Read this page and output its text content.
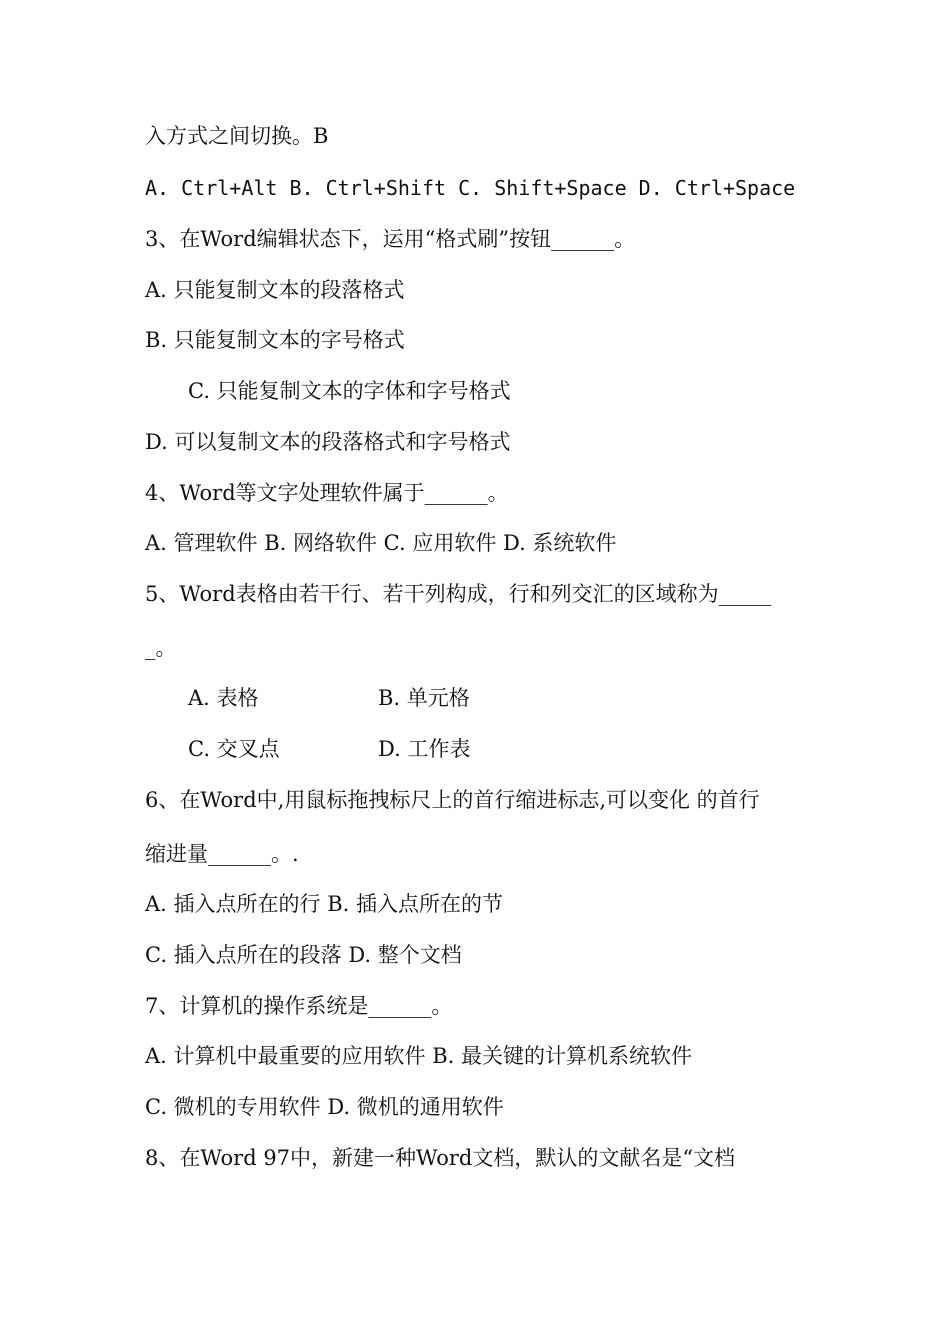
入方式之间切换。B
A. Ctrl+Alt B. Ctrl+Shift C. Shift+Space D. Ctrl+Space
3、在Word编辑状态下，运用“格式刷”按钮______。
A. 只能复制文本的段落格式
B. 只能复制文本的字号格式
C. 只能复制文本的字体和字号格式
D. 可以复制文本的段落格式和字号格式
4、Word等文字处理软件属于______。
A. 管理软件 B. 网络软件 C. 应用软件 D. 系统软件
5、Word表格由若干行、若干列构成，行和列交汇的区域称为_____
_。
A. 表格	B. 单元格
C. 交叉点	D. 工作表
6、在Word中,用鼠标拖拽标尺上的首行缩进标志,可以变化 的首行
缩进量______。.
A. 插入点所在的行 B. 插入点所在的节
C. 插入点所在的段落 D. 整个文档
7、计算机的操作系统是______。
A. 计算机中最重要的应用软件 B. 最关键的计算机系统软件
C. 微机的专用软件 D. 微机的通用软件
8、在Word 97中，新建一种Word文档，默认的文献名是“文档
